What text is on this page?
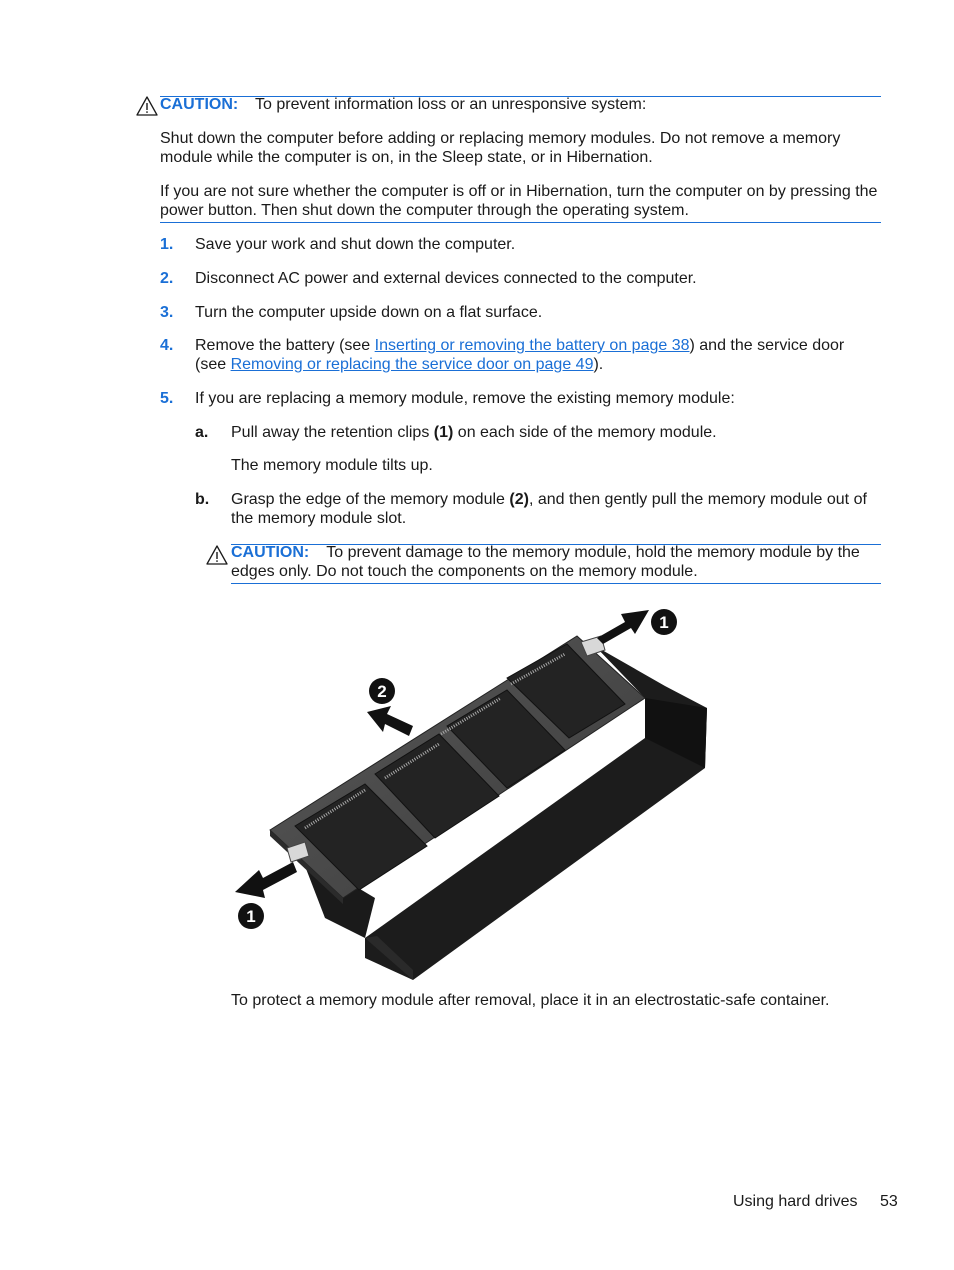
CAUTION: To prevent information loss or an unresponsive system:
Shut down the computer before adding or replacing memory modules. Do not remove a memory
module while the computer is on, in the Sleep state, or in Hibernation.
If you are not sure whether the computer is off or in Hibernation, turn the computer on by pressing the
power button. Then shut down the computer through the operating system.
1. Save your work and shut down the computer.
2. Disconnect AC power and external devices connected to the computer.
3. Turn the computer upside down on a flat surface.
4. Remove the battery (see Inserting or removing the battery on page 38) and the service door
(see Removing or replacing the service door on page 49).
5. If you are replacing a memory module, remove the existing memory module:
a. Pull away the retention clips (1) on each side of the memory module.
The memory module tilts up.
b. Grasp the edge of the memory module (2), and then gently pull the memory module out of
the memory module slot.
CAUTION: To prevent damage to the memory module, hold the memory module by the
edges only. Do not touch the components on the memory module.
1
2
1
To protect a memory module after removal, place it in an electrostatic-safe container.
Using hard drives 53
